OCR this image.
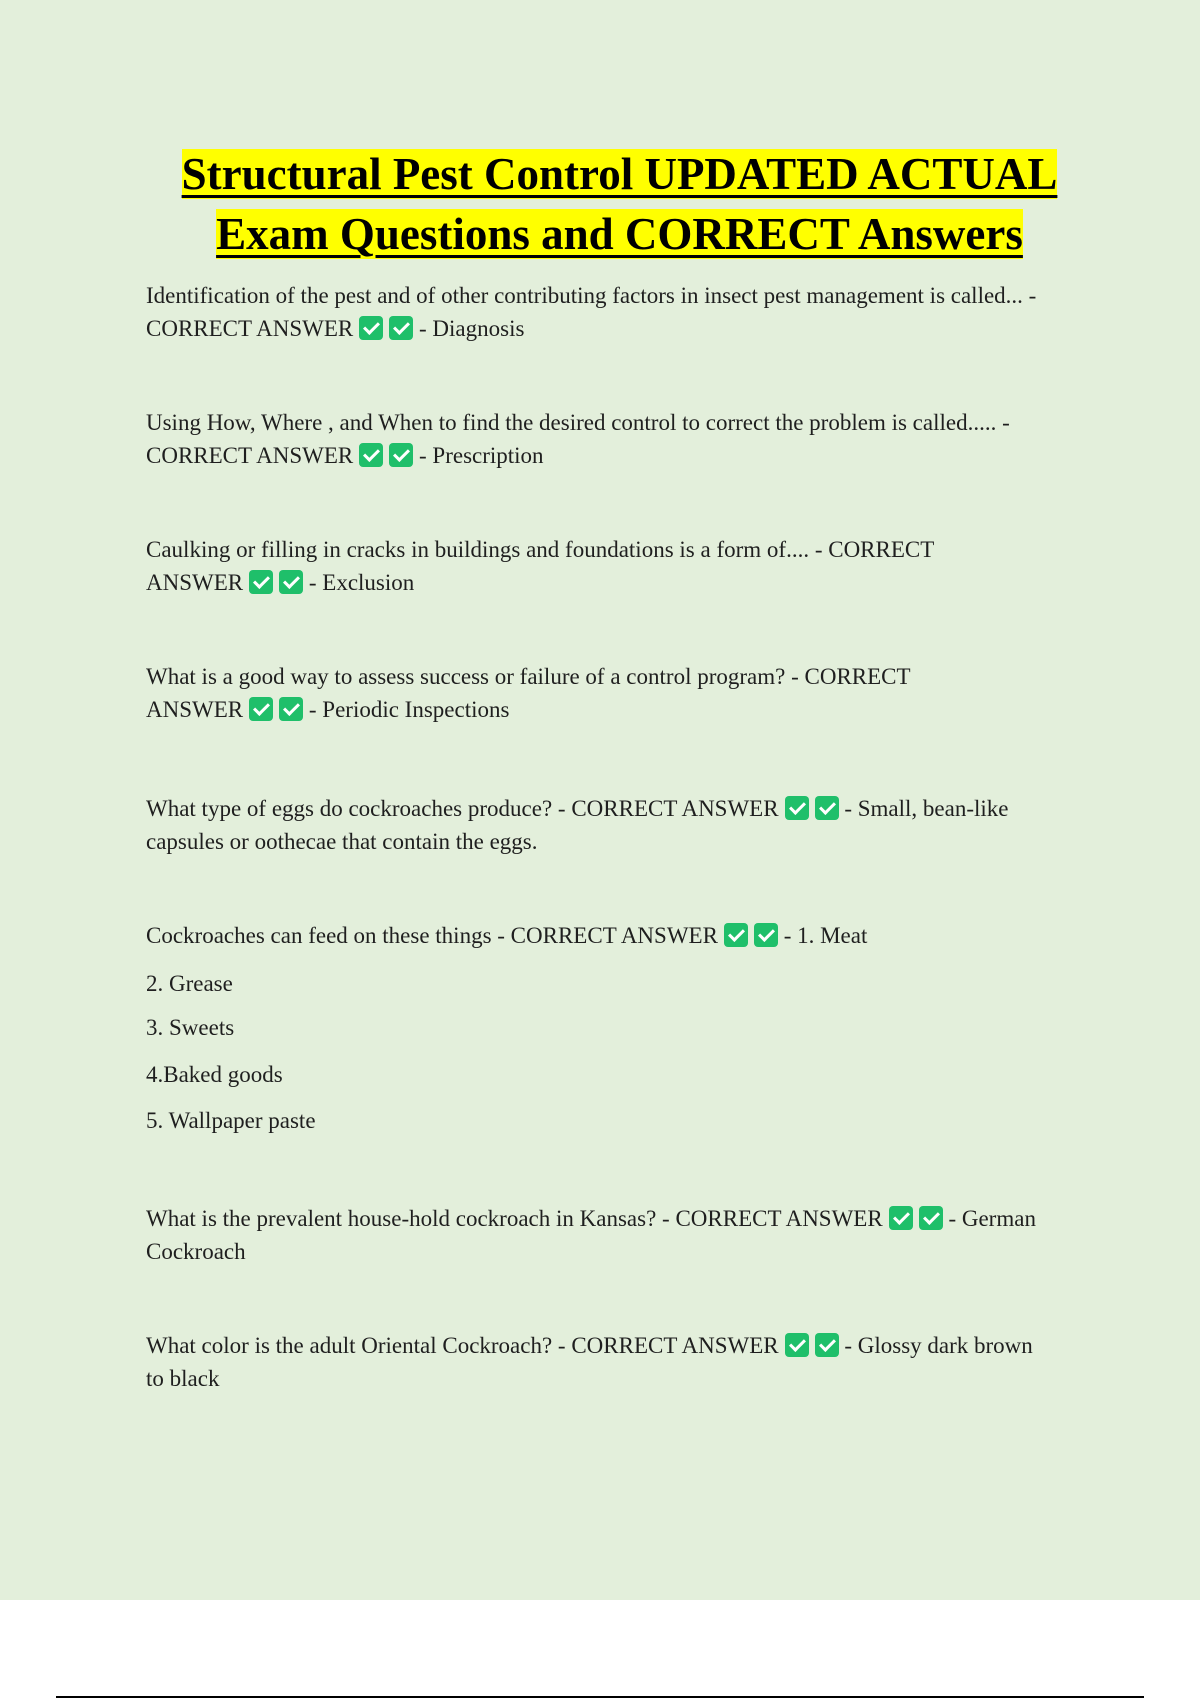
Structural Pest Control UPDATED ACTUAL
Exam Questions and CORRECT Answers
Identification of the pest and of other contributing factors in insect pest management is called... -
CORRECT ANSWER	- Diagnosis
Using How, Where , and When to find the desired control to correct the problem is called..... -
CORRECT ANSWER	- Prescription
Caulking or filling in cracks in buildings and foundations is a form of.... - CORRECT
ANSWER	- Exclusion
What is a good way to assess success or failure of a control program? - CORRECT
ANSWER	- Periodic Inspections
What type of eggs do cockroaches produce? - CORRECT ANSWER	- Small, bean-like
capsules or oothecae that contain the eggs.
Cockroaches can feed on these things - CORRECT ANSWER	- 1. Meat
2. Grease
3. Sweets
4.Baked goods
5. Wallpaper paste
What is the prevalent house-hold cockroach in Kansas? - CORRECT ANSWER	- German
Cockroach
What color is the adult Oriental Cockroach? - CORRECT ANSWER	- Glossy dark brown
to black
